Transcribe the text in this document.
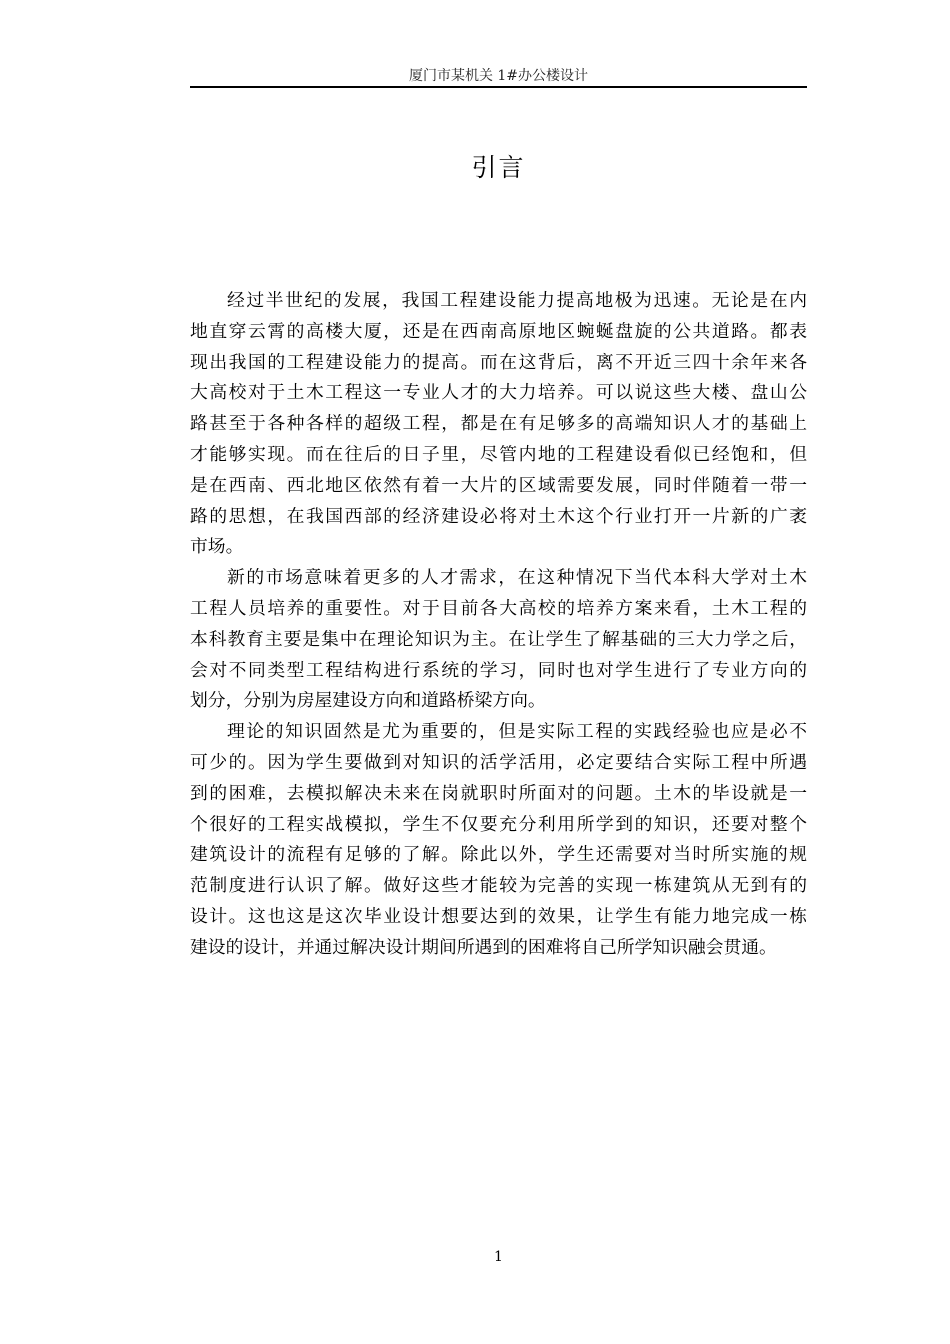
厦门市某机关 1#办公楼设计
引言
经过半世纪的发展，我国工程建设能力提高地极为迅速。无论是在内
地直穿云霄的高楼大厦，还是在西南高原地区蜿蜒盘旋的公共道路。都表
现出我国的工程建设能力的提高。而在这背后，离不开近三四十余年来各
大高校对于土木工程这一专业人才的大力培养。可以说这些大楼、盘山公
路甚至于各种各样的超级工程，都是在有足够多的高端知识人才的基础上
才能够实现。而在往后的日子里，尽管内地的工程建设看似已经饱和，但
是在西南、西北地区依然有着一大片的区域需要发展，同时伴随着一带一
路的思想，在我国西部的经济建设必将对土木这个行业打开一片新的广袤
市场。
新的市场意味着更多的人才需求，在这种情况下当代本科大学对土木
工程人员培养的重要性。对于目前各大高校的培养方案来看，土木工程的
本科教育主要是集中在理论知识为主。在让学生了解基础的三大力学之后，
会对不同类型工程结构进行系统的学习，同时也对学生进行了专业方向的
划分，分别为房屋建设方向和道路桥梁方向。
理论的知识固然是尤为重要的，但是实际工程的实践经验也应是必不
可少的。因为学生要做到对知识的活学活用，必定要结合实际工程中所遇
到的困难，去模拟解决未来在岗就职时所面对的问题。土木的毕设就是一
个很好的工程实战模拟，学生不仅要充分利用所学到的知识，还要对整个
建筑设计的流程有足够的了解。除此以外，学生还需要对当时所实施的规
范制度进行认识了解。做好这些才能较为完善的实现一栋建筑从无到有的
设计。这也这是这次毕业设计想要达到的效果，让学生有能力地完成一栋
建设的设计，并通过解决设计期间所遇到的困难将自己所学知识融会贯通。
1
